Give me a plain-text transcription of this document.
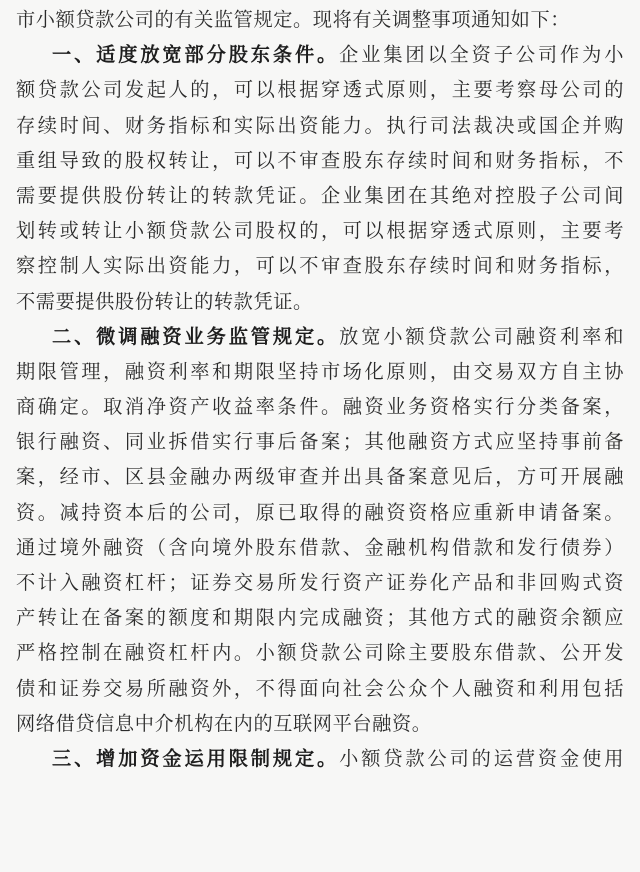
市小额贷款公司的有关监管规定。现将有关调整事项通知如下：
一、适度放宽部分股东条件。企业集团以全资子公司作为小
额贷款公司发起人的，可以根据穿透式原则，主要考察母公司的
存续时间、财务指标和实际出资能力。执行司法裁决或国企并购
重组导致的股权转让，可以不审查股东存续时间和财务指标，不
需要提供股份转让的转款凭证。企业集团在其绝对控股子公司间
划转或转让小额贷款公司股权的，可以根据穿透式原则，主要考
察控制人实际出资能力，可以不审查股东存续时间和财务指标，
不需要提供股份转让的转款凭证。
二、微调融资业务监管规定。放宽小额贷款公司融资利率和
期限管理，融资利率和期限坚持市场化原则，由交易双方自主协
商确定。取消净资产收益率条件。融资业务资格实行分类备案，
银行融资、同业拆借实行事后备案；其他融资方式应坚持事前备
案，经市、区县金融办两级审查并出具备案意见后，方可开展融
资。减持资本后的公司，原已取得的融资资格应重新申请备案。
通过境外融资（含向境外股东借款、金融机构借款和发行债券）
不计入融资杠杆；证券交易所发行资产证券化产品和非回购式资
产转让在备案的额度和期限内完成融资；其他方式的融资余额应
严格控制在融资杠杆内。小额贷款公司除主要股东借款、公开发
债和证券交易所融资外，不得面向社会公众个人融资和利用包括
网络借贷信息中介机构在内的互联网平台融资。
三、增加资金运用限制规定。小额贷款公司的运营资金使用
